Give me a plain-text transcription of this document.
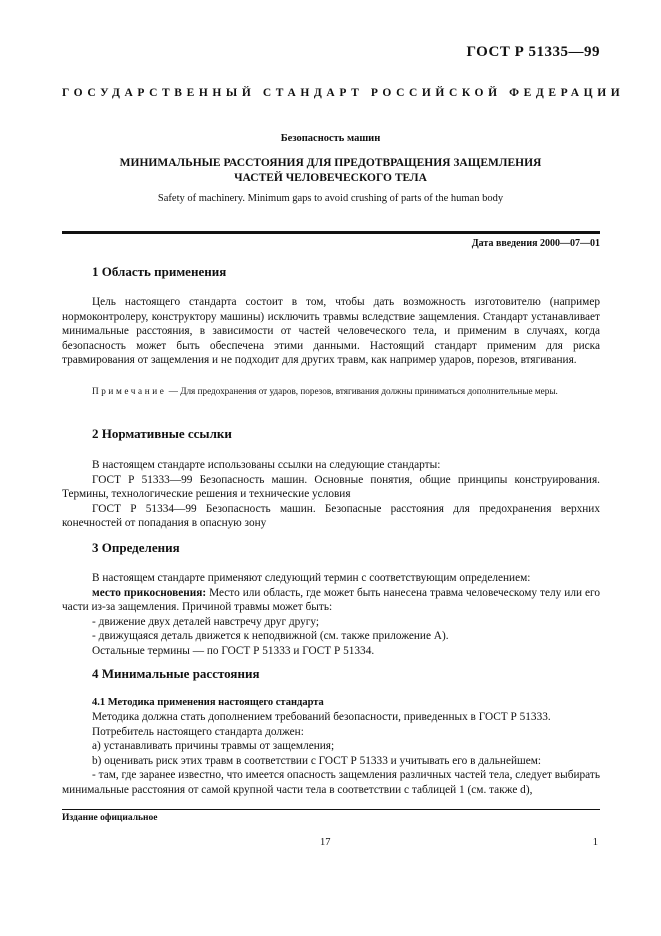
ГОСТ Р 51335—99
ГОСУДАРСТВЕННЫЙ СТАНДАРТ РОССИЙСКОЙ ФЕДЕРАЦИИ
Безопасность машин
МИНИМАЛЬНЫЕ РАССТОЯНИЯ ДЛЯ ПРЕДОТВРАЩЕНИЯ ЗАЩЕМЛЕНИЯ
ЧАСТЕЙ ЧЕЛОВЕЧЕСКОГО ТЕЛА
Safety of machinery. Minimum gaps to avoid crushing of parts of the human body
Дата введения 2000—07—01
1 Область применения

Цель настоящего стандарта состоит в том, чтобы дать возможность изготовителю (например нормоконтролеру, конструктору машины) исключить травмы вследствие защемления. Стандарт устанавливает минимальные расстояния, в зависимости от частей человеческого тела, и применим в случаях, когда безопасность может быть обеспечена этими данными. Настоящий стандарт применим для риска травмирования от защемления и не подходит для других травм, как например ударов, порезов, втягивания.

Примечание — Для предохранения от ударов, порезов, втягивания должны приниматься дополнительные меры.
2 Нормативные ссылки

В настоящем стандарте использованы ссылки на следующие стандарты:

ГОСТ Р 51333—99 Безопасность машин. Основные понятия, общие принципы конструирования. Термины, технологические решения и технические условия

ГОСТ Р 51334—99 Безопасность машин. Безопасные расстояния для предохранения верхних конечностей от попадания в опасную зону

3 Определения

В настоящем стандарте применяют следующий термин с соответствующим определением:

место прикосновения: Место или область, где может быть нанесена травма человеческому телу или его части из-за защемления. Причиной травмы может быть:

- движение двух деталей навстречу друг другу;

- движущаяся деталь движется к неподвижной (см. также приложение А).

Остальные термины — по ГОСТ Р 51333 и ГОСТ Р 51334.

4 Минимальные расстояния
4.1 Методика применения настоящего стандарта

Методика должна стать дополнением требований безопасности, приведенных в ГОСТ Р 51333.

Потребитель настоящего стандарта должен:

а) устанавливать причины травмы от защемления;

b) оценивать риск этих травм в соответствии с ГОСТ Р 51333 и учитывать его в дальнейшем:

- там, где заранее известно, что имеется опасность защемления различных частей тела, следует выбирать минимальные расстояния от самой крупной части тела в соответствии с таблицей 1 (см. также d),

Издание официальное
17	1
